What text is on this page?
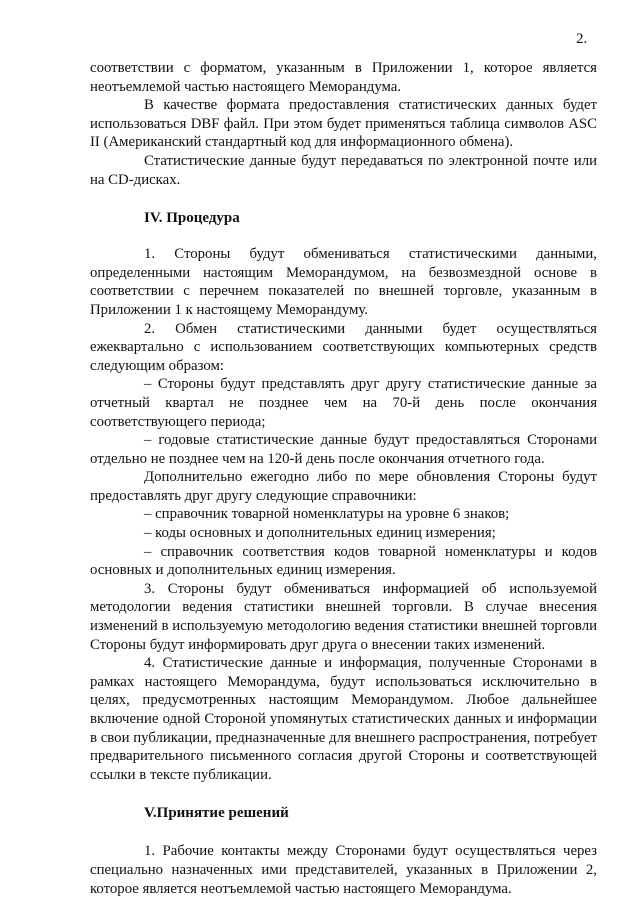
2.

соответствии с форматом, указанным в Приложении 1, которое является неотъемлемой частью настоящего Меморандума.

В качестве формата предоставления статистических данных будет использоваться DBF файл. При этом будет применяться таблица символов ASC II (Американский стандартный код для информационного обмена).

Статистические данные будут передаваться по электронной почте или на CD-дисках.

IV. Процедура

1. Стороны будут обмениваться статистическими данными, определенными настоящим Меморандумом, на безвозмездной основе в соответствии с перечнем показателей по внешней торговле, указанным в Приложении 1 к настоящему Меморандуму.

2. Обмен статистическими данными будет осуществляться ежеквартально с использованием соответствующих компьютерных средств следующим образом:

– Стороны будут представлять друг другу статистические данные за отчетный квартал не позднее чем на 70-й день после окончания соответствующего периода;

– годовые статистические данные будут предоставляться Сторонами отдельно не позднее чем на 120-й день после окончания отчетного года.

Дополнительно ежегодно либо по мере обновления Стороны будут предоставлять друг другу следующие справочники:

– справочник товарной номенклатуры на уровне 6 знаков;

– коды основных и дополнительных единиц измерения;

– справочник соответствия кодов товарной номенклатуры и кодов основных и дополнительных единиц измерения.

3. Стороны будут обмениваться информацией об используемой методологии ведения статистики внешней торговли. В случае внесения изменений в используемую методологию ведения статистики внешней торговли Стороны будут информировать друг друга о внесении таких изменений.

4. Статистические данные и информация, полученные Сторонами в рамках настоящего Меморандума, будут использоваться исключительно в целях, предусмотренных настоящим Меморандумом. Любое дальнейшее включение одной Стороной упомянутых статистических данных и информации в свои публикации, предназначенные для внешнего распространения, потребует предварительного письменного согласия другой Стороны и соответствующей ссылки в тексте публикации.

V.Принятие решений

1. Рабочие контакты между Сторонами будут осуществляться через специально назначенных ими представителей, указанных в Приложении 2, которое является неотъемлемой частью настоящего Меморандума.
